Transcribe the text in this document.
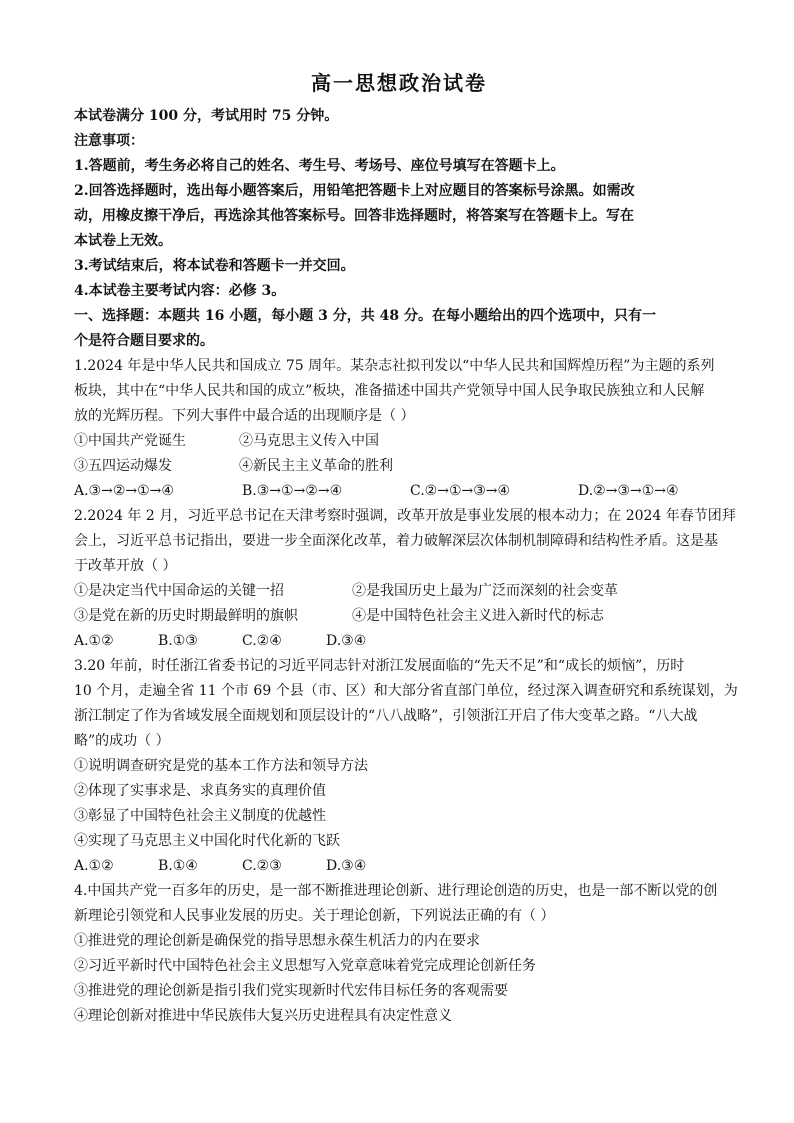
高一思想政治试卷
本试卷满分 100 分，考试用时 75 分钟。
注意事项：
1.答题前，考生务必将自己的姓名、考生号、考场号、座位号填写在答题卡上。
2.回答选择题时，选出每小题答案后，用铅笔把答题卡上对应题目的答案标号涂黑。如需改
动，用橡皮擦干净后，再选涂其他答案标号。回答非选择题时，将答案写在答题卡上。写在
本试卷上无效。
3.考试结束后，将本试卷和答题卡一并交回。
4.本试卷主要考试内容：必修 3。
一、选择题：本题共 16 小题，每小题 3 分，共 48 分。在每小题给出的四个选项中，只有一
个是符合题目要求的。
1.2024 年是中华人民共和国成立 75 周年。某杂志社拟刊发以“中华人民共和国辉煌历程”为主题的系列
板块，其中在“中华人民共和国的成立”板块，准备描述中国共产党领导中国人民争取民族独立和人民解
放的光辉历程。下列大事件中最合适的出现顺序是（ ）
①中国共产党诞生	②马克思主义传入中国
③五四运动爆发	④新民主主义革命的胜利
A.③→②→①→④	B.③→①→②→④	C.②→①→③→④	D.②→③→①→④
2.2024 年 2 月，习近平总书记在天津考察时强调，改革开放是事业发展的根本动力；在 2024 年春节团拜
会上，习近平总书记指出，要进一步全面深化改革，着力破解深层次体制机制障碍和结构性矛盾。这是基
于改革开放（ ）
①是决定当代中国命运的关键一招	②是我国历史上最为广泛而深刻的社会变革
③是党在新的历史时期最鲜明的旗帜	④是中国特色社会主义进入新时代的标志
A.①②	B.①③	C.②④	D.③④
3.20 年前，时任浙江省委书记的习近平同志针对浙江发展面临的“先天不足”和“成长的烦恼”，历时
10 个月，走遍全省 11 个市 69 个县（市、区）和大部分省直部门单位，经过深入调查研究和系统谋划，为
浙江制定了作为省域发展全面规划和顶层设计的“八八战略”，引领浙江开启了伟大变革之路。“八大战
略”的成功（ ）
①说明调查研究是党的基本工作方法和领导方法
②体现了实事求是、求真务实的真理价值
③彰显了中国特色社会主义制度的优越性
④实现了马克思主义中国化时代化新的飞跃
A.①②	B.①④	C.②③	D.③④
4.中国共产党一百多年的历史，是一部不断推进理论创新、进行理论创造的历史，也是一部不断以党的创
新理论引领党和人民事业发展的历史。关于理论创新，下列说法正确的有（ ）
①推进党的理论创新是确保党的指导思想永葆生机活力的内在要求
②习近平新时代中国特色社会主义思想写入党章意味着党完成理论创新任务
③推进党的理论创新是指引我们党实现新时代宏伟目标任务的客观需要
④理论创新对推进中华民族伟大复兴历史进程具有决定性意义
